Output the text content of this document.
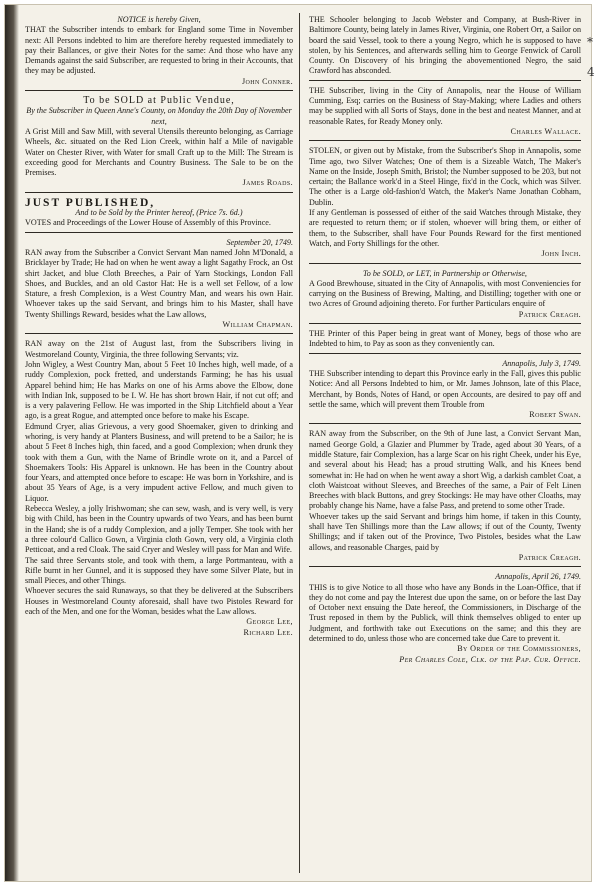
*
4

NOTICE is hereby Given,

THAT the Subscriber intends to embark for England some Time in November next: All Persons indebted to him are therefore hereby requested immediately to pay their Ballances, or give their Notes for the same: And those who have any Demands against the said Subscriber, are requested to bring in their Accounts, that they may be adjusted.

John Conner.

To be SOLD at Public Vendue,

By the Subscriber in Queen Anne's County, on Monday the 20th Day of November next,

A Grist Mill and Saw Mill, with several Utensils thereunto belonging, as Carriage Wheels, &c. situated on the Red Lion Creek, within half a Mile of navigable Water on Chester River, with Water for small Craft up to the Mill: The Stream is exceeding good for Merchants and Country Business. The Sale to be on the Premises.

James Roads.

JUST PUBLISHED,

And to be Sold by the Printer hereof, (Price 7s. 6d.)

VOTES and Proceedings of the Lower House of Assembly of this Province.

September 20, 1749.

RAN away from the Subscriber a Convict Servant Man named John M'Donald, a Bricklayer by Trade; He had on when he went away a light Sagathy Frock, an Ost shirt Jacket, and blue Cloth Breeches, a Pair of Yarn Stockings, London Fall Shoes, and Buckles, and an old Castor Hat: He is a well set Fellow, of a low Stature, a fresh Complexion, is a West Country Man, and wears his own Hair. Whoever takes up the said Servant, and brings him to his Master, shall have Twenty Shillings Reward, besides what the Law allows,

William Chapman.

RAN away on the 21st of August last, from the Subscribers living in Westmoreland County, Virginia, the three following Servants; viz.

John Wigley, a West Country Man, about 5 Feet 10 Inches high, well made, of a ruddy Complexion, pock fretted, and understands Farming; he has his usual Apparel behind him; He has Marks on one of his Arms above the Elbow, done with Indian Ink, supposed to be I. W. He has short brown Hair, if not cut off; and is a very palavering Fellow. He was imported in the Ship Litchfield about a Year ago, is a great Rogue, and attempted once before to make his Escape.

Edmund Cryer, alias Grievous, a very good Shoemaker, given to drinking and whoring, is very handy at Planters Business, and will pretend to be a Sailor; he is about 5 Feet 8 Inches high, thin faced, and a good Complexion; when drunk they took with them a Gun, with the Name of Brindle wrote on it, and a Parcel of Shoemakers Tools: His Apparel is unknown. He has been in the Country about four Years, and attempted once before to escape: He was born in Yorkshire, and is about 35 Years of Age, is a very impudent active Fellow, and much given to Liquor.

Rebecca Wesley, a jolly Irishwoman; she can sew, wash, and is very well, is very big with Child, has been in the Country upwards of two Years, and has been burnt in the Hand; she is of a ruddy Complexion, and a jolly Temper. She took with her a three colour'd Callico Gown, a Virginia cloth Gown, very old, a Virginia cloth Petticoat, and a red Cloak. The said Cryer and Wesley will pass for Man and Wife.

The said three Servants stole, and took with them, a large Portmanteau, with a Rifle burnt in her Gunnel, and it is supposed they have some Silver Plate, but in small Pieces, and other Things.

Whoever secures the said Runaways, so that they be delivered at the Subscribers Houses in Westmoreland County aforesaid, shall have two Pistoles Reward for each of the Men, and one for the Woman, besides what the Law allows.

George Lee,

Richard Lee.

THE Schooler belonging to Jacob Webster and Company, at Bush-River in Baltimore County, being lately in James River, Virginia, one Robert Orr, a Sailor on board the said Vessel, took to there a young Negro, which he is supposed to have stolen, by his Sentences, and afterwards selling him to George Fenwick of Caroll County. On Discovery of his bringing the abovementioned Negro, the said Crawford has absconded.

THE Subscriber, living in the City of Annapolis, near the House of William Cumming, Esq; carries on the Business of Stay-Making; where Ladies and others may be supplied with all Sorts of Stays, done in the best and neatest Manner, and at reasonable Rates, for Ready Money only.

Charles Wallace.

STOLEN, or given out by Mistake, from the Subscriber's Shop in Annapolis, some Time ago, two Silver Watches; One of them is a Sizeable Watch, The Maker's Name on the Inside, Joseph Smith, Bristol; the Number supposed to be 203, but not certain; the Ballance work'd in a Steel Hinge, fix'd in the Cock, which was Silver. The other is a Large old-fashion'd Watch, the Maker's Name Jonathan Cobham, Dublin.

If any Gentleman is possessed of either of the said Watches through Mistake, they are requested to return them; or if stolen, whoever will bring them, or either of them, to the Subscriber, shall have Four Pounds Reward for the first mentioned Watch, and Forty Shillings for the other.

John Inch.

To be SOLD, or LET, in Partnership or Otherwise,

A Good Brewhouse, situated in the City of Annapolis, with most Conveniencies for carrying on the Business of Brewing, Malting, and Distilling; together with one or two Acres of Ground adjoining thereto. For further Particulars enquire of

Patrick Creagh.

THE Printer of this Paper being in great want of Money, begs of those who are Indebted to him, to Pay as soon as they conveniently can.

Annapolis, July 3, 1749.

THE Subscriber intending to depart this Province early in the Fall, gives this public Notice: And all Persons Indebted to him, or Mr. James Johnson, late of this Place, Merchant, by Bonds, Notes of Hand, or open Accounts, are desired to pay off and settle the same, which will prevent them Trouble from

Robert Swan.

RAN away from the Subscriber, on the 9th of June last, a Convict Servant Man, named George Gold, a Glazier and Plummer by Trade, aged about 30 Years, of a middle Stature, fair Complexion, has a large Scar on his right Cheek, under his Eye, and several about his Head; has a proud strutting Walk, and his Knees bend somewhat in: He had on when he went away a short Wig, a darkish camblet Coat, a cloth Waistcoat without Sleeves, and Breeches of the same, a Pair of Felt Linen Breeches with black Buttons, and grey Stockings: He may have other Cloaths, may probably change his Name, have a false Pass, and pretend to some other Trade.

Whoever takes up the said Servant and brings him home, if taken in this County, shall have Ten Shillings more than the Law allows; if out of the County, Twenty Shillings; and if taken out of the Province, Two Pistoles, besides what the Law allows, and reasonable Charges, paid by

Patrick Creagh.

Annapolis, April 26, 1749.

THIS is to give Notice to all those who have any Bonds in the Loan-Office, that if they do not come and pay the Interest due upon the same, on or before the last Day of October next ensuing the Date hereof, the Commissioners, in Discharge of the Trust reposed in them by the Publick, will think themselves obliged to enter up Judgment, and forthwith take out Executions on the same; and this they are determined to do, unless those who are concerned take due Care to prevent it.

By Order of the Commissioners,

Per Charles Cole, Clk. of the Pap. Cur. Office.
